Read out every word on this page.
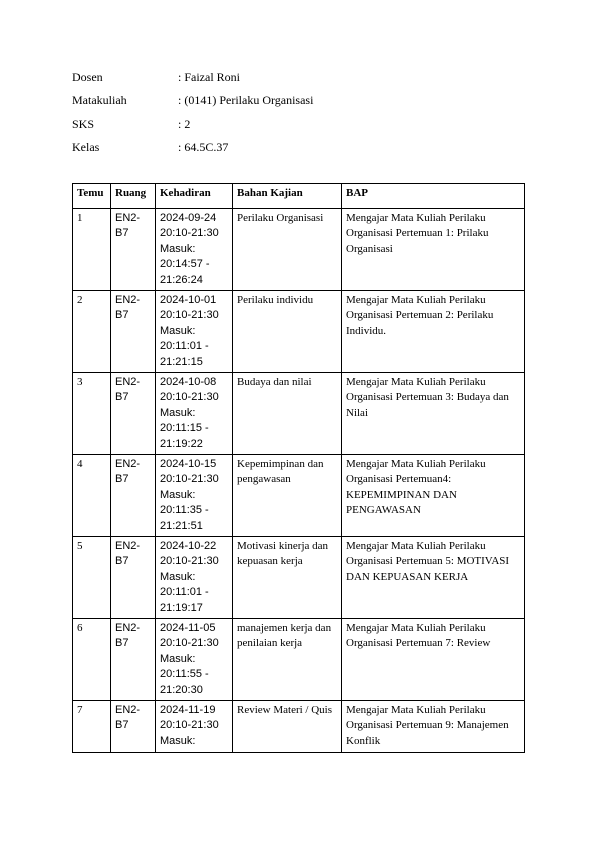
Dosen	: Faizal Roni
Matakuliah	: (0141) Perilaku Organisasi
SKS	: 2
Kelas	: 64.5C.37
Temu	Ruang	Kehadiran	Bahan Kajian	BAP
1	EN2-B7	2024-09-24
20:10-21:30
Masuk:
20:14:57 -
21:26:24	Perilaku Organisasi	Mengajar Mata Kuliah Perilaku Organisasi Pertemuan 1: Prilaku Organisasi
2	EN2-B7	2024-10-01
20:10-21:30
Masuk:
20:11:01 -
21:21:15	Perilaku individu	Mengajar Mata Kuliah Perilaku Organisasi Pertemuan 2: Perilaku Individu.
3	EN2-B7	2024-10-08
20:10-21:30
Masuk:
20:11:15 -
21:19:22	Budaya dan nilai	Mengajar Mata Kuliah Perilaku Organisasi Pertemuan 3: Budaya dan Nilai
4	EN2-B7	2024-10-15
20:10-21:30
Masuk:
20:11:35 -
21:21:51	Kepemimpinan dan pengawasan	Mengajar Mata Kuliah Perilaku Organisasi Pertemuan4: KEPEMIMPINAN DAN PENGAWASAN
5	EN2-B7	2024-10-22
20:10-21:30
Masuk:
20:11:01 -
21:19:17	Motivasi kinerja dan kepuasan kerja	Mengajar Mata Kuliah Perilaku Organisasi Pertemuan 5: MOTIVASI DAN KEPUASAN KERJA
6	EN2-B7	2024-11-05
20:10-21:30
Masuk:
20:11:55 -
21:20:30	manajemen kerja dan penilaian kerja	Mengajar Mata Kuliah Perilaku Organisasi Pertemuan 7: Review
7	EN2-B7	2024-11-19
20:10-21:30
Masuk:	Review Materi / Quis	Mengajar Mata Kuliah Perilaku Organisasi Pertemuan 9: Manajemen Konflik
